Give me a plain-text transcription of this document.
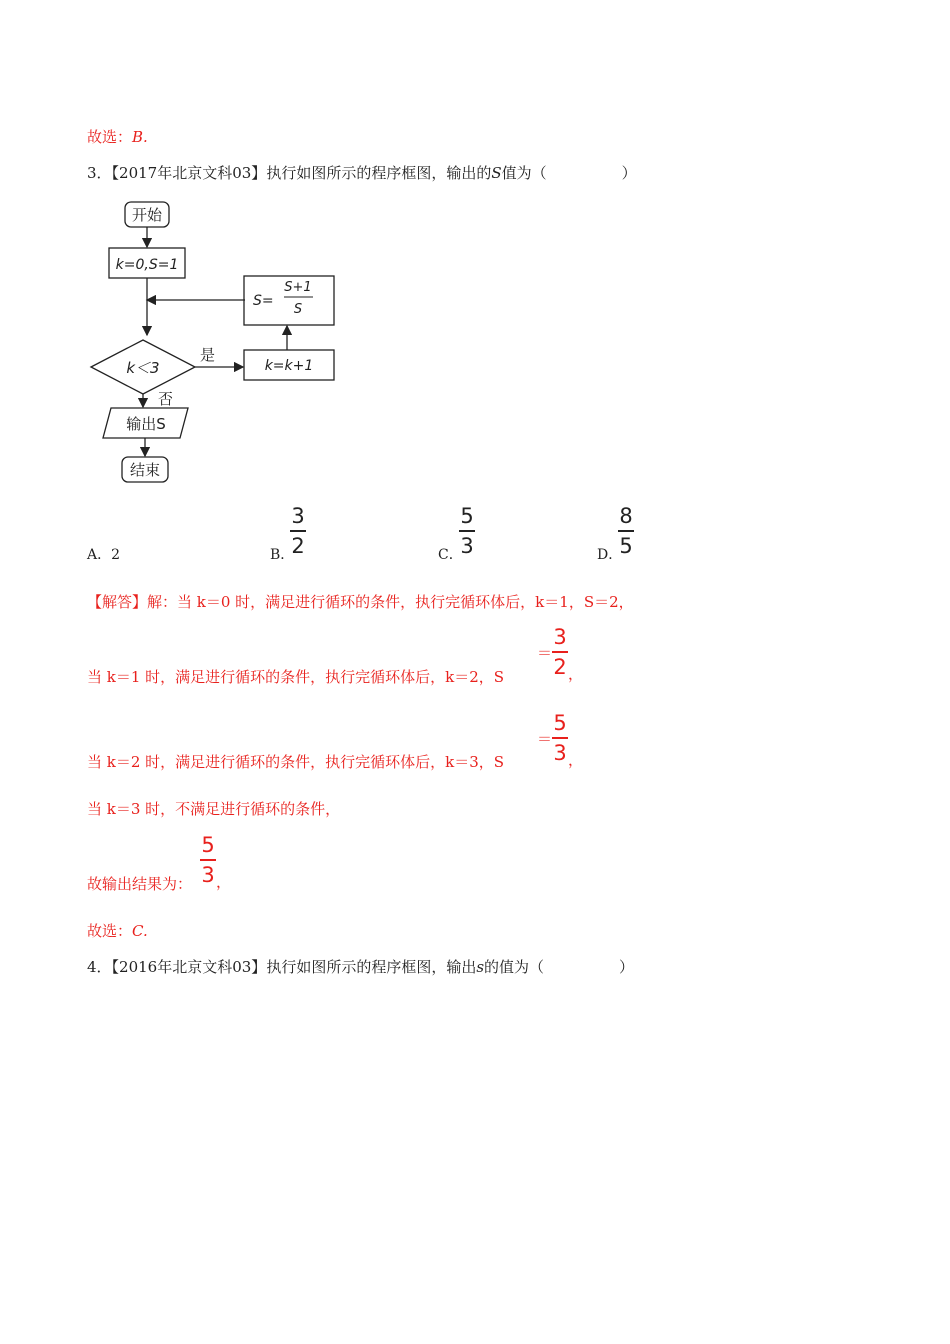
故选：B.
3．【2017年北京文科03】执行如图所示的程序框图，输出的S值为（　　　　　）
开始
k=0,S=1
S=
S+1
S
k＜3
是
k=k+1
否
输出S
结束
A．2	B．
3
2	C．
5
3	D．
8
5
【解答】解：当 k＝0 时，满足进行循环的条件，执行完循环体后，k＝1，S＝2，
当 k＝1 时，满足进行循环的条件，执行完循环体后，k＝2，S
＝
3
2 ，
当 k＝2 时，满足进行循环的条件，执行完循环体后，k＝3，S
＝
5
3 ，
当 k＝3 时，不满足进行循环的条件，
故输出结果为：
5
3 ，
故选：C.
4．【2016年北京文科03】执行如图所示的程序框图，输出s的值为（　　　　　）
